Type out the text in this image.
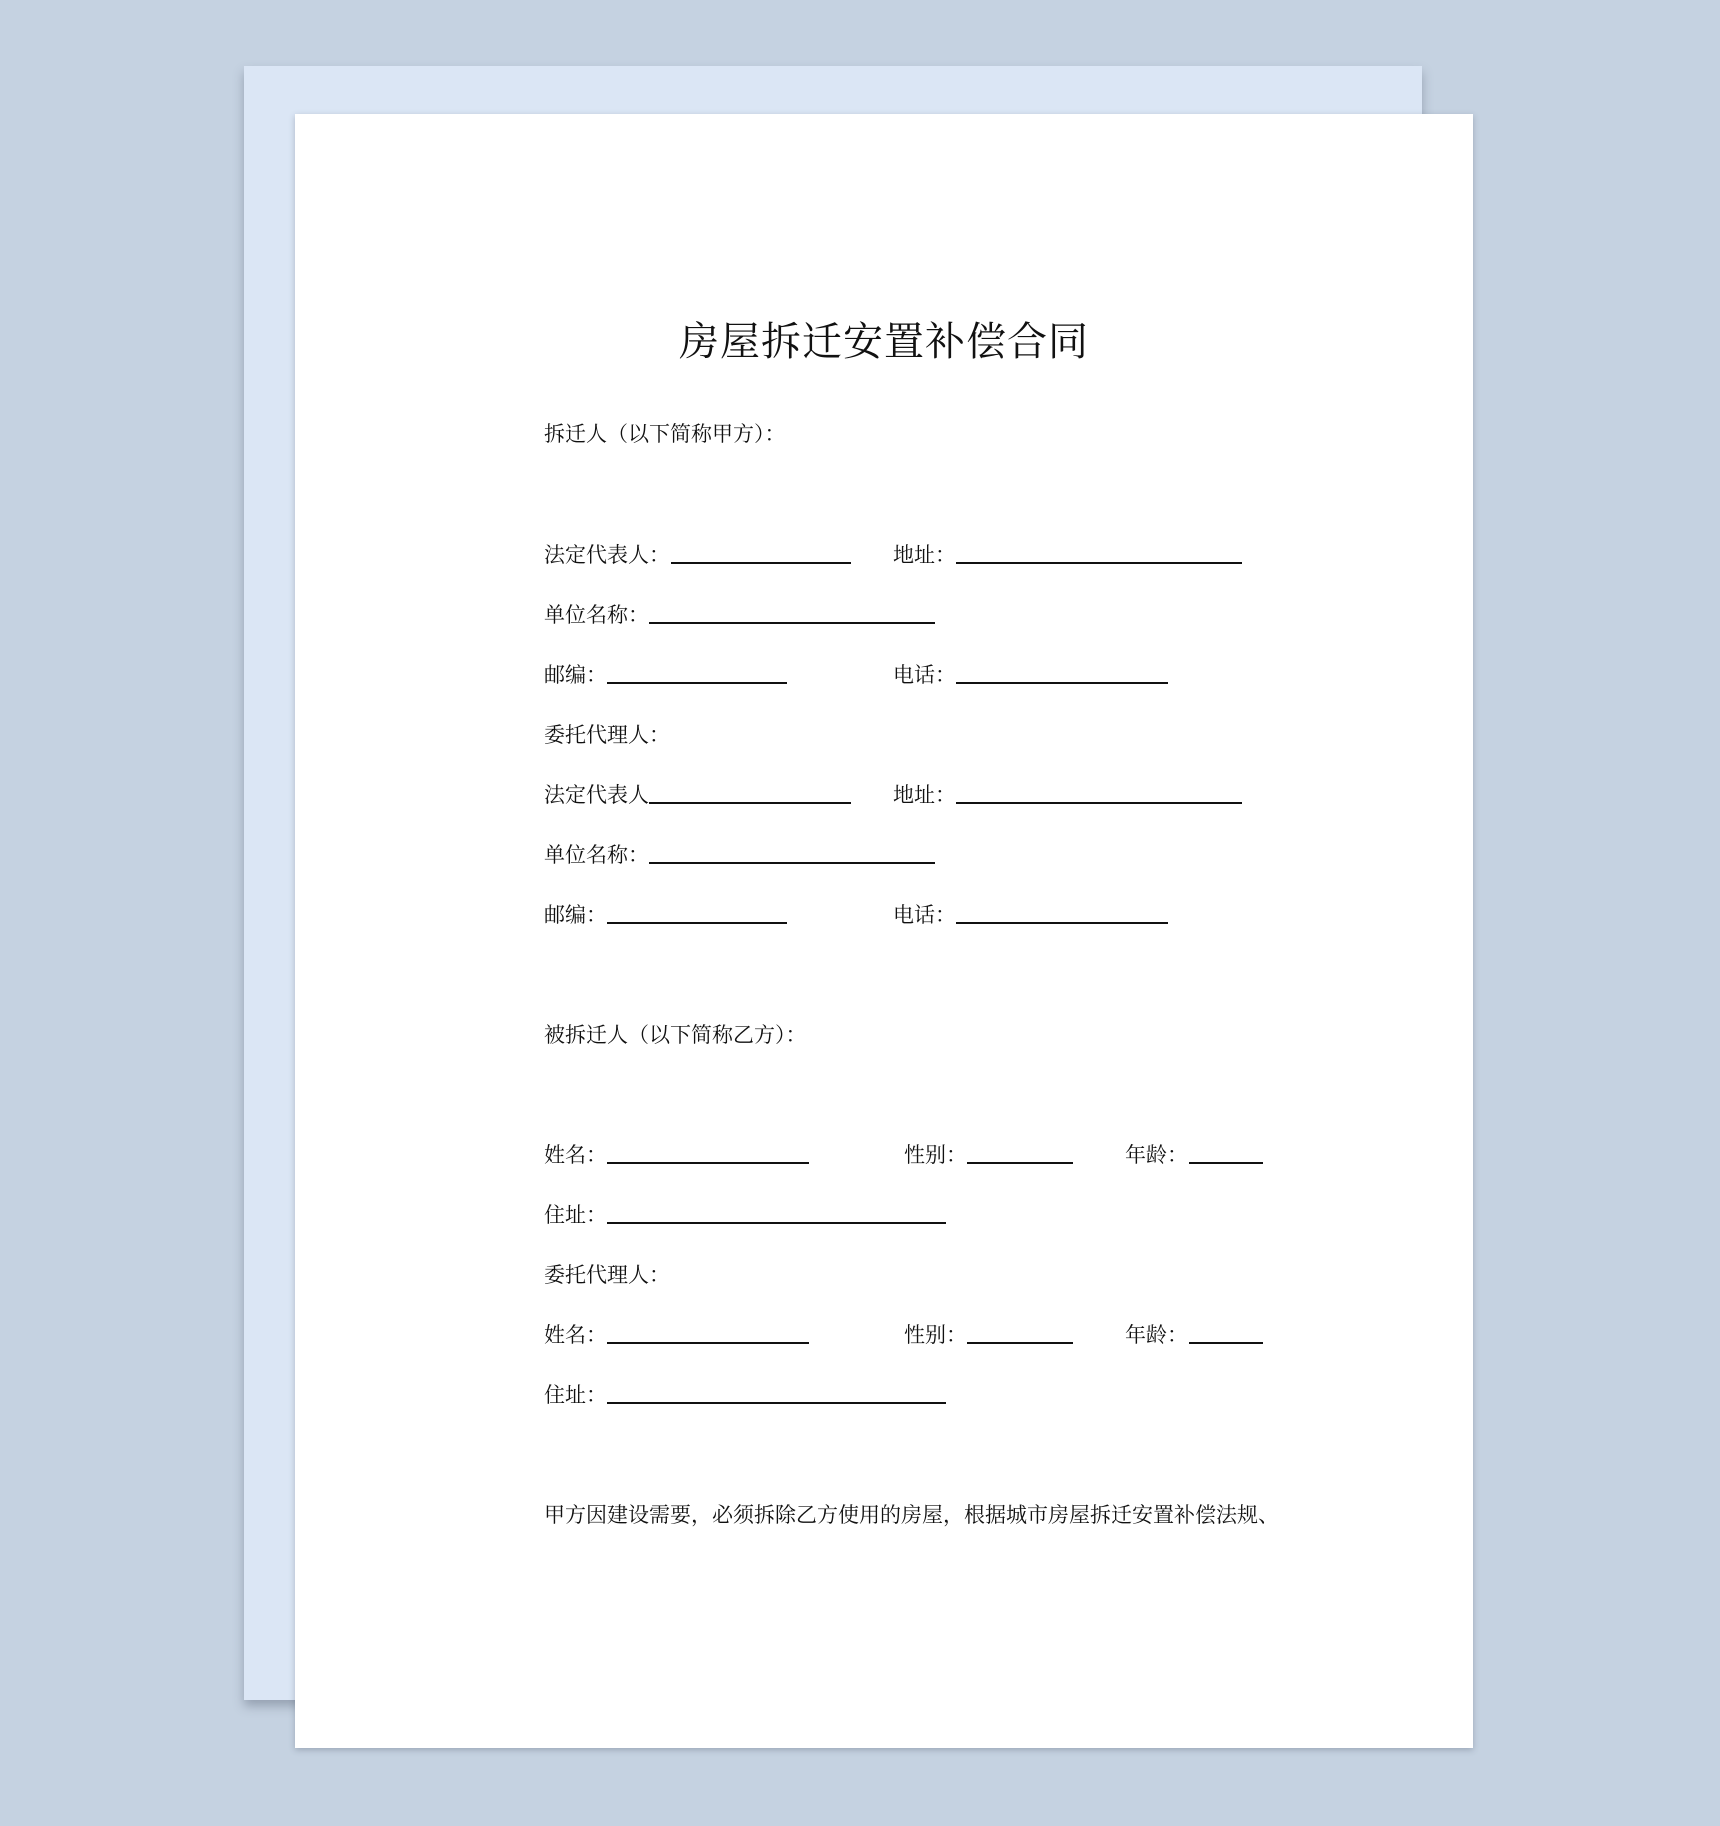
房屋拆迁安置补偿合同
拆迁人（以下简称甲方）：
法定代表人：	地址：
单位名称：
邮编：	电话：
委托代理人：
法定代表人	地址：
单位名称：
邮编：	电话：
被拆迁人（以下简称乙方）：
姓名：	性别：	年龄：
住址：
委托代理人：
姓名：	性别：	年龄：
住址：
甲方因建设需要，必须拆除乙方使用的房屋，根据城市房屋拆迁安置补偿法规、
